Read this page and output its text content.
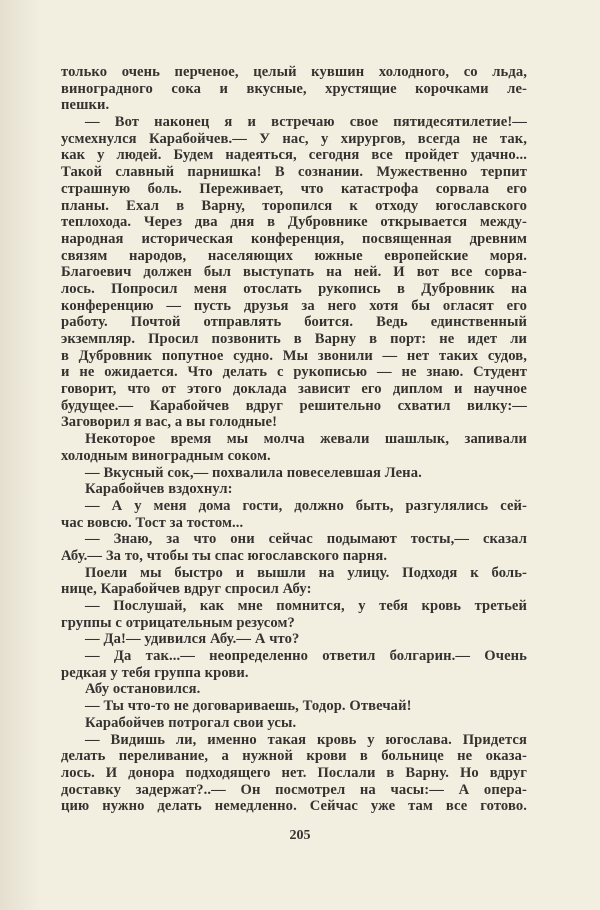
только очень перченое, целый кувшин холодного, со льда,
виноградного сока и вкусные, хрустящие корочками ле-
пешки.
— Вот наконец я и встречаю свое пятидесятилетие!—
усмехнулся Карабойчев.— У нас, у хирургов, всегда не так,
как у людей. Будем надеяться, сегодня все пройдет удачно...
Такой славный парнишка! В сознании. Мужественно терпит
страшную боль. Переживает, что катастрофа сорвала его
планы. Ехал в Варну, торопился к отходу югославского
теплохода. Через два дня в Дубровнике открывается между-
народная историческая конференция, посвященная древним
связям народов, населяющих южные европейские моря.
Благоевич должен был выступать на ней. И вот все сорва-
лось. Попросил меня отослать рукопись в Дубровник на
конференцию — пусть друзья за него хотя бы огласят его
работу. Почтой отправлять боится. Ведь единственный
экземпляр. Просил позвонить в Варну в порт: не идет ли
в Дубровник попутное судно. Мы звонили — нет таких судов,
и не ожидается. Что делать с рукописью — не знаю. Студент
говорит, что от этого доклада зависит его диплом и научное
будущее.— Карабойчев вдруг решительно схватил вилку:—
Заговорил я вас, а вы голодные!
Некоторое время мы молча жевали шашлык, запивали
холодным виноградным соком.
— Вкусный сок,— похвалила повеселевшая Лена.
Карабойчев вздохнул:
— А у меня дома гости, должно быть, разгулялись сей-
час вовсю. Тост за тостом...
— Знаю, за что они сейчас подымают тосты,— сказал
Абу.— За то, чтобы ты спас югославского парня.
Поели мы быстро и вышли на улицу. Подходя к боль-
нице, Карабойчев вдруг спросил Абу:
— Послушай, как мне помнится, у тебя кровь третьей
группы с отрицательным резусом?
— Да!— удивился Абу.— А что?
— Да так...— неопределенно ответил болгарин.— Очень
редкая у тебя группа крови.
Абу остановился.
— Ты что-то не договариваешь, Тодор. Отвечай!
Карабойчев потрогал свои усы.
— Видишь ли, именно такая кровь у югослава. Придется
делать переливание, а нужной крови в больнице не оказа-
лось. И донора подходящего нет. Послали в Варну. Но вдруг
доставку задержат?..— Он посмотрел на часы:— А опера-
цию нужно делать немедленно. Сейчас уже там все готово.
205
